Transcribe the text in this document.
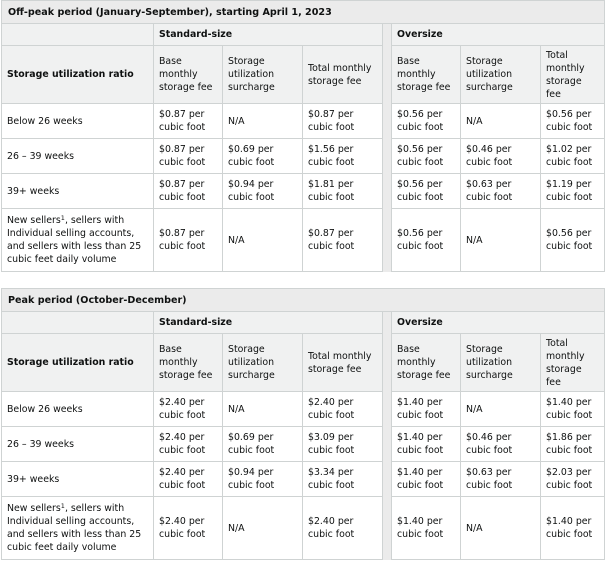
Off-peak period (January-September), starting April 1, 2023							
	Standard-size				Oversize		
Storage utilization ratio	Base monthly storage fee	Storage utilization surcharge	Total monthly storage fee		Base monthly storage fee	Storage utilization surcharge	Total monthly storage fee
Below 26 weeks	$0.87 per cubic foot	N/A	$0.87 per cubic foot		$0.56 per cubic foot	N/A	$0.56 per cubic foot
26 – 39 weeks	$0.87 per cubic foot	$0.69 per cubic foot	$1.56 per cubic foot		$0.56 per cubic foot	$0.46 per cubic foot	$1.02 per cubic foot
39+ weeks	$0.87 per cubic foot	$0.94 per cubic foot	$1.81 per cubic foot		$0.56 per cubic foot	$0.63 per cubic foot	$1.19 per cubic foot
New sellers$^1$, sellers with Individual selling accounts, and sellers with less than 25 cubic feet daily volume	$0.87 per cubic foot	N/A	$0.87 per cubic foot		$0.56 per cubic foot	N/A	$0.56 per cubic foot
Peak period (October-December)							
	Standard-size				Oversize		
Storage utilization ratio	Base monthly storage fee	Storage utilization surcharge	Total monthly storage fee		Base monthly storage fee	Storage utilization surcharge	Total monthly storage fee
Below 26 weeks	$2.40 per cubic foot	N/A	$2.40 per cubic foot		$1.40 per cubic foot	N/A	$1.40 per cubic foot
26 – 39 weeks	$2.40 per cubic foot	$0.69 per cubic foot	$3.09 per cubic foot		$1.40 per cubic foot	$0.46 per cubic foot	$1.86 per cubic foot
39+ weeks	$2.40 per cubic foot	$0.94 per cubic foot	$3.34 per cubic foot		$1.40 per cubic foot	$0.63 per cubic foot	$2.03 per cubic foot
New sellers$^1$, sellers with Individual selling accounts, and sellers with less than 25 cubic feet daily volume	$2.40 per cubic foot	N/A	$2.40 per cubic foot		$1.40 per cubic foot	N/A	$1.40 per cubic foot
